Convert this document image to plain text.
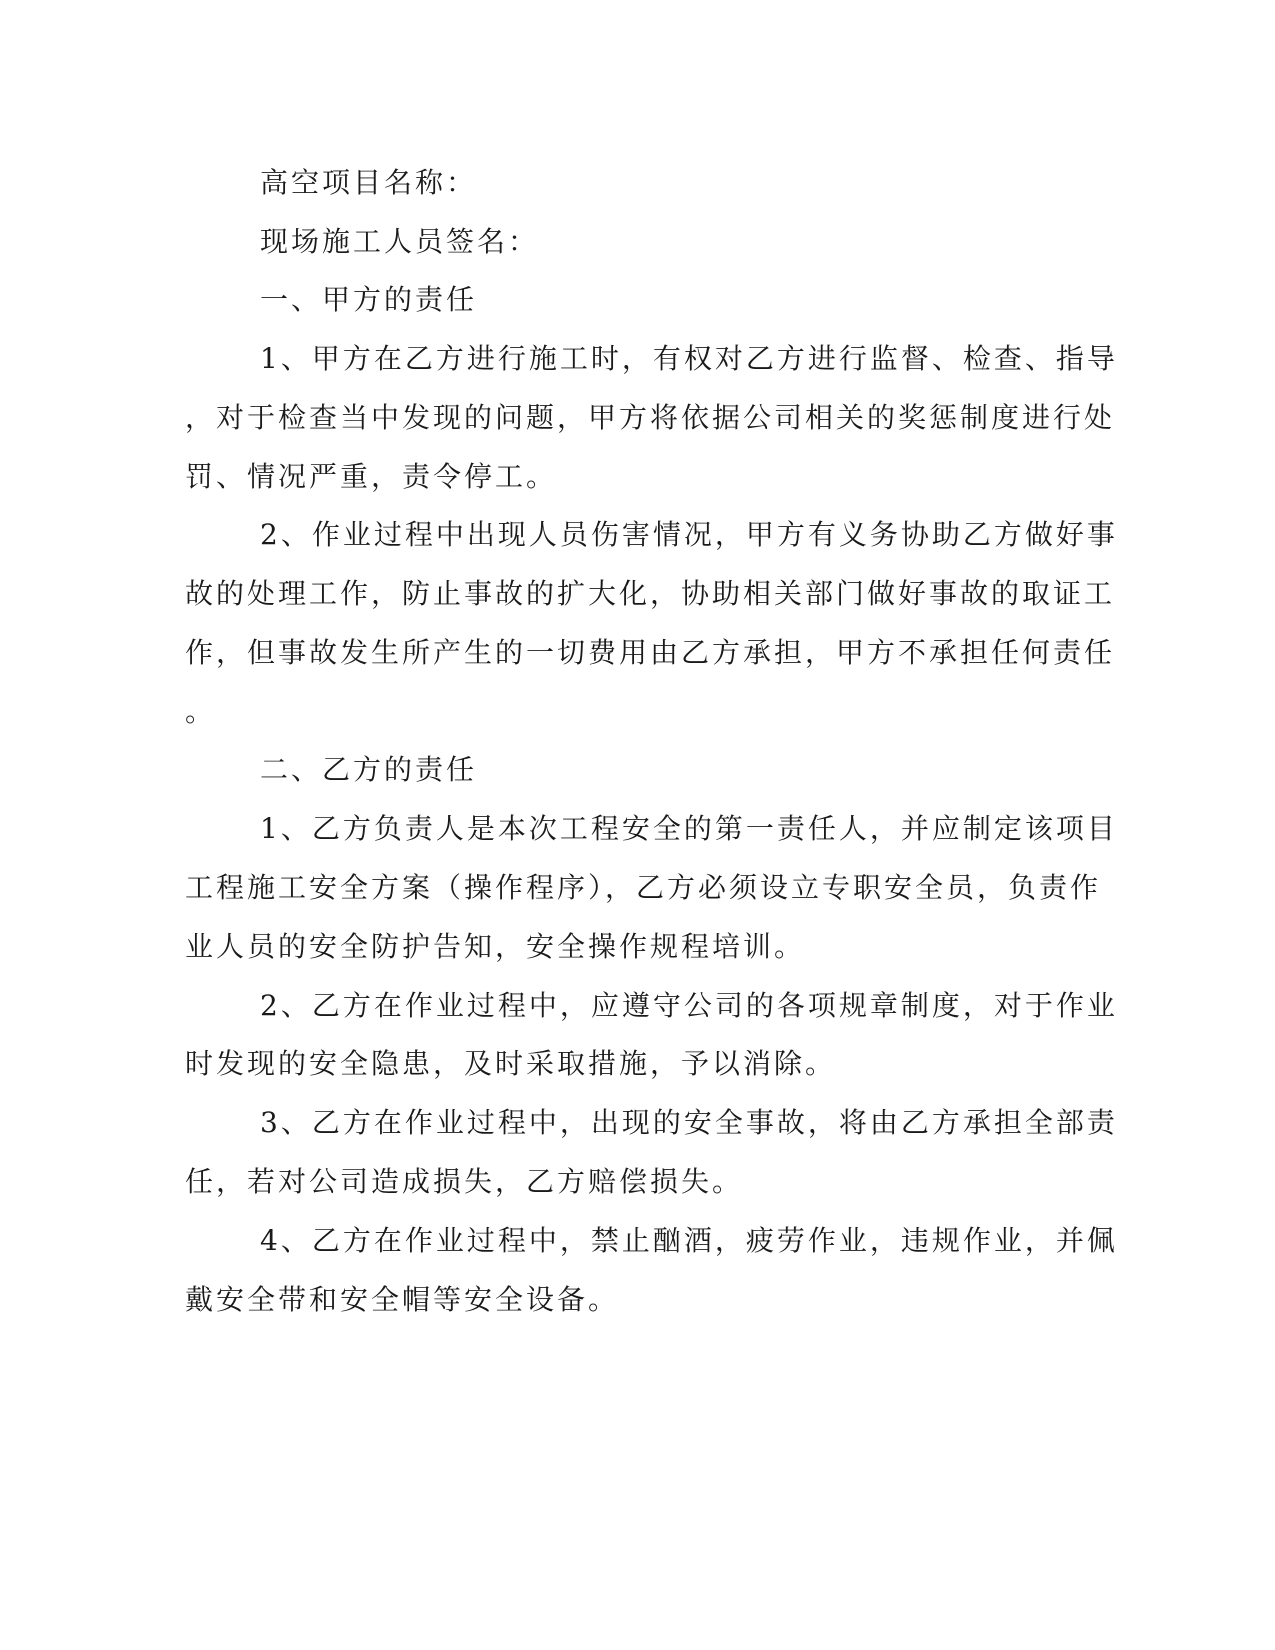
高空项目名称：
现场施工人员签名：
一、甲方的责任
1、甲方在乙方进行施工时，有权对乙方进行监督、检查、指导
，对于检查当中发现的问题，甲方将依据公司相关的奖惩制度进行处
罚、情况严重，责令停工。
2、作业过程中出现人员伤害情况，甲方有义务协助乙方做好事
故的处理工作，防止事故的扩大化，协助相关部门做好事故的取证工
作，但事故发生所产生的一切费用由乙方承担，甲方不承担任何责任
。
二、乙方的责任
1、乙方负责人是本次工程安全的第一责任人，并应制定该项目
工程施工安全方案（操作程序），乙方必须设立专职安全员，负责作
业人员的安全防护告知，安全操作规程培训。
2、乙方在作业过程中，应遵守公司的各项规章制度，对于作业
时发现的安全隐患，及时采取措施，予以消除。
3、乙方在作业过程中，出现的安全事故，将由乙方承担全部责
任，若对公司造成损失，乙方赔偿损失。
4、乙方在作业过程中，禁止酗酒，疲劳作业，违规作业，并佩
戴安全带和安全帽等安全设备。
